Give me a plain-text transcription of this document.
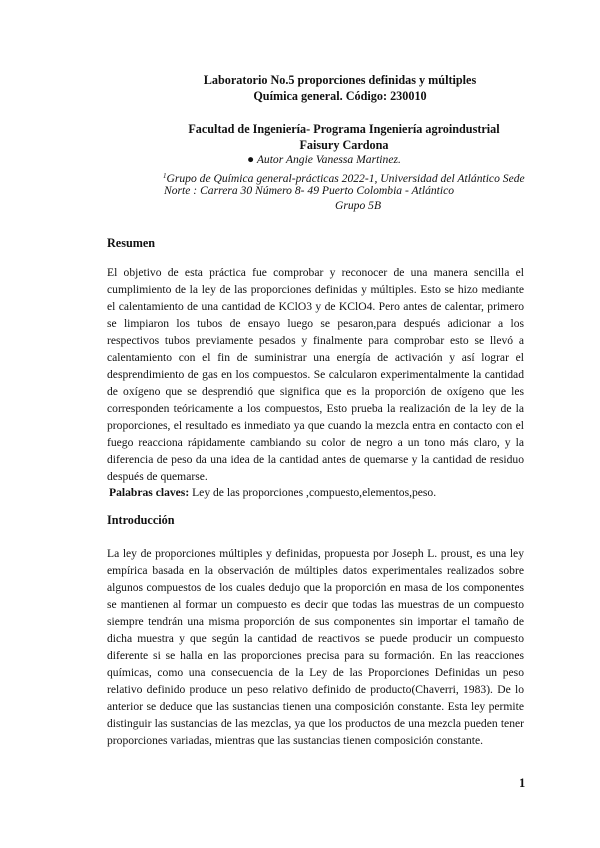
Laboratorio No.5 proporciones definidas y múltiples
Química general. Código: 230010
Facultad de Ingeniería- Programa Ingeniería agroindustrial
Faisury Cardona
● Autor Angie Vanessa Martinez.
$^1$Grupo de Química general-prácticas 2022-1, Universidad del Atlántico Sede
Norte : Carrera 30 Número 8- 49 Puerto Colombia - Atlántico
Grupo 5B
Resumen

El objetivo de esta práctica fue comprobar y reconocer de una manera sencilla el cumplimiento de la ley de las proporciones definidas y múltiples. Esto se hizo mediante el calentamiento de una cantidad de KClO3 y de KClO4. Pero antes de calentar, primero se limpiaron los tubos de ensayo luego se pesaron,para después adicionar a los respectivos tubos previamente pesados y finalmente para comprobar esto se llevó a calentamiento con el fin de suministrar una energía de activación y así lograr el desprendimiento de gas en los compuestos. Se calcularon experimentalmente la cantidad de oxígeno que se desprendió que significa que es la proporción de oxígeno que les corresponden teóricamente a los compuestos, Esto prueba la realización de la ley de la proporciones, el resultado es inmediato ya que cuando la mezcla entra en contacto con el fuego reacciona rápidamente cambiando su color de negro a un tono más claro, y la diferencia de peso da una idea de la cantidad antes de quemarse y la cantidad de residuo después de quemarse.

Palabras claves: Ley de las proporciones ,compuesto,elementos,peso.
Introducción

La ley de proporciones múltiples y definidas, propuesta por Joseph L. proust, es una ley empírica basada en la observación de múltiples datos experimentales realizados sobre algunos compuestos de los cuales dedujo que la proporción en masa de los componentes se mantienen al formar un compuesto es decir que todas las muestras de un compuesto siempre tendrán una misma proporción de sus componentes sin importar el tamaño de dicha muestra y que según la cantidad de reactivos se puede producir un compuesto diferente si se halla en las proporciones precisa para su formación. En las reacciones químicas, como una consecuencia de la Ley de las Proporciones Definidas un peso relativo definido produce un peso relativo definido de producto(Chaverri, 1983). De lo anterior se deduce que las sustancias tienen una composición constante. Esta ley permite distinguir las sustancias de las mezclas, ya que los productos de una mezcla pueden tener proporciones variadas, mientras que las sustancias tienen composición constante.

1
